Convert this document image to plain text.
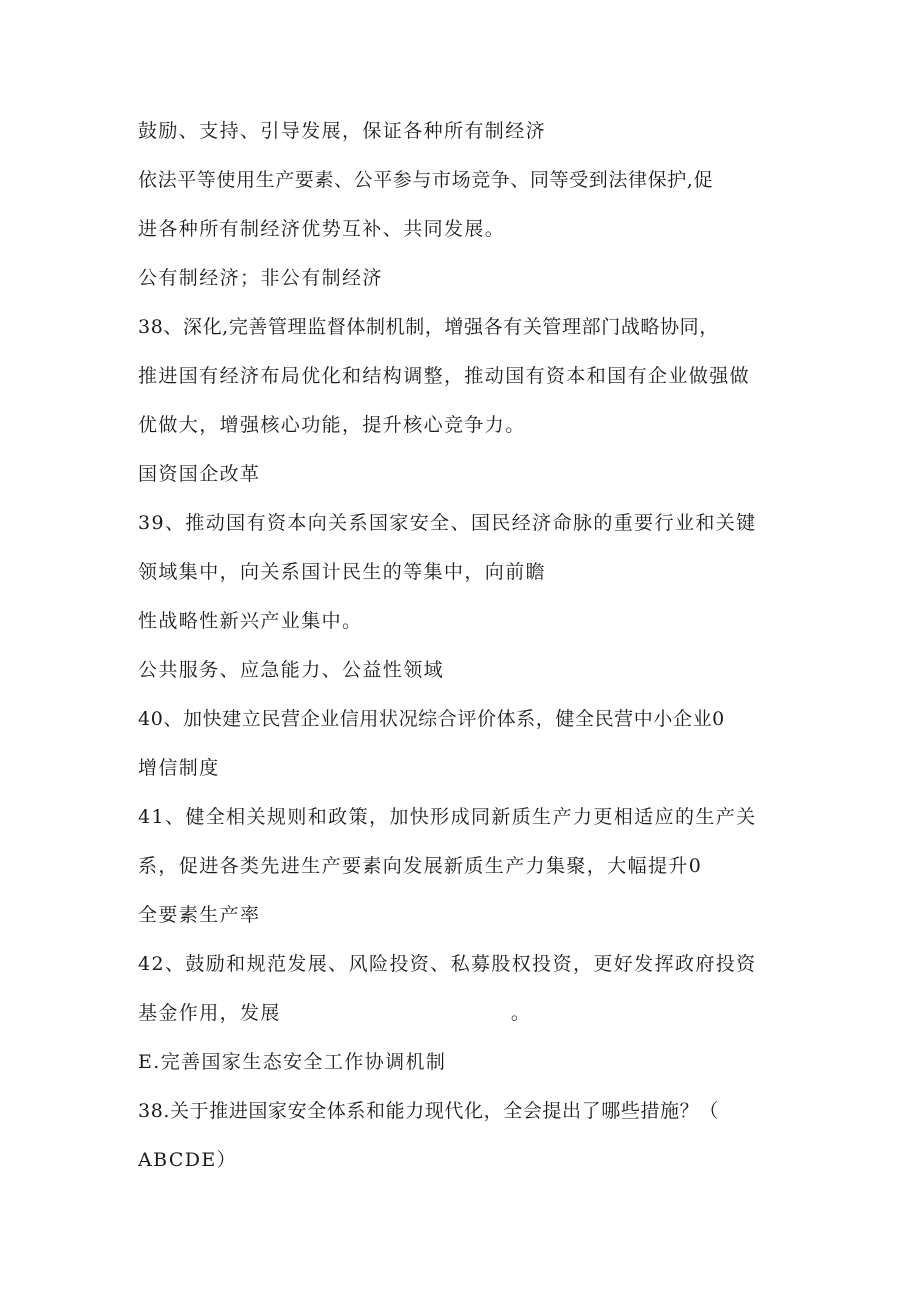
鼓励、支持、引导发展，保证各种所有制经济
依法平等使用生产要素、公平参与市场竞争、同等受到法律保护,促
进各种所有制经济优势互补、共同发展。
公有制经济；非公有制经济
38、深化,完善管理监督体制机制，增强各有关管理部门战略协同，
推进国有经济布局优化和结构调整，推动国有资本和国有企业做强做
优做大，增强核心功能，提升核心竞争力。
国资国企改革
39、推动国有资本向关系国家安全、国民经济命脉的重要行业和关键
领域集中，向关系国计民生的等集中，向前瞻
性战略性新兴产业集中。
公共服务、应急能力、公益性领域
40、加快建立民营企业信用状况综合评价体系，健全民营中小企业0
增信制度
41、健全相关规则和政策，加快形成同新质生产力更相适应的生产关
系，促进各类先进生产要素向发展新质生产力集聚，大幅提升0
全要素生产率
42、鼓励和规范发展、风险投资、私募股权投资，更好发挥政府投资
基金作用，发展	。
E.完善国家生态安全工作协调机制
38.关于推进国家安全体系和能力现代化，全会提出了哪些措施？（
ABCDE）
